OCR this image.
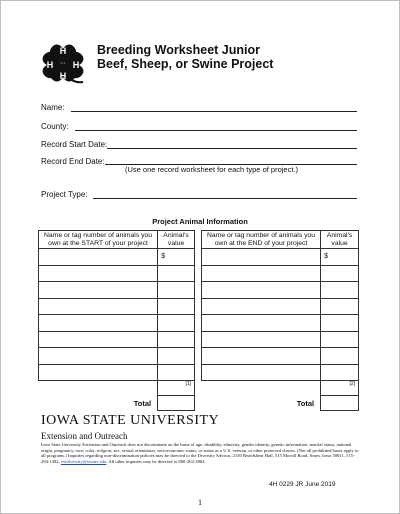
H
H
H H
Breeding Worksheet Junior
Beef, Sheep, or Swine Project
Name:
County:
Record Start Date:
Record End Date:
(Use one record worksheet for each type of project.)
Project Type:
Project Animal Information
Name or tag number of animals you own at the START of your project	Animal's value
	$

	[1]
Total	
Name or tag number of animals you own at the END of your project	Animal's value
	$

	[2]
Total	
IOWA STATE UNIVERSITY
Extension and Outreach
Iowa State University Extension and Outreach does not discriminate on the basis of age, disability, ethnicity, gender identity, genetic information, marital status, national origin, pregnancy, race, color, religion, sex, sexual orientation, socioeconomic status, or status as a U.S. veteran, or other protected classes. (Not all prohibited bases apply to all programs.) Inquiries regarding non-discrimination policies may be directed to the Diversity Advisor, 2150 Beardshear Hall, 515 Morrill Road, Ames, Iowa 50011, 515-294-1482, extdiversity@iastate.edu. All other inquiries may be directed to 800-262-3804.
4H 0229 JR June 2019
1
